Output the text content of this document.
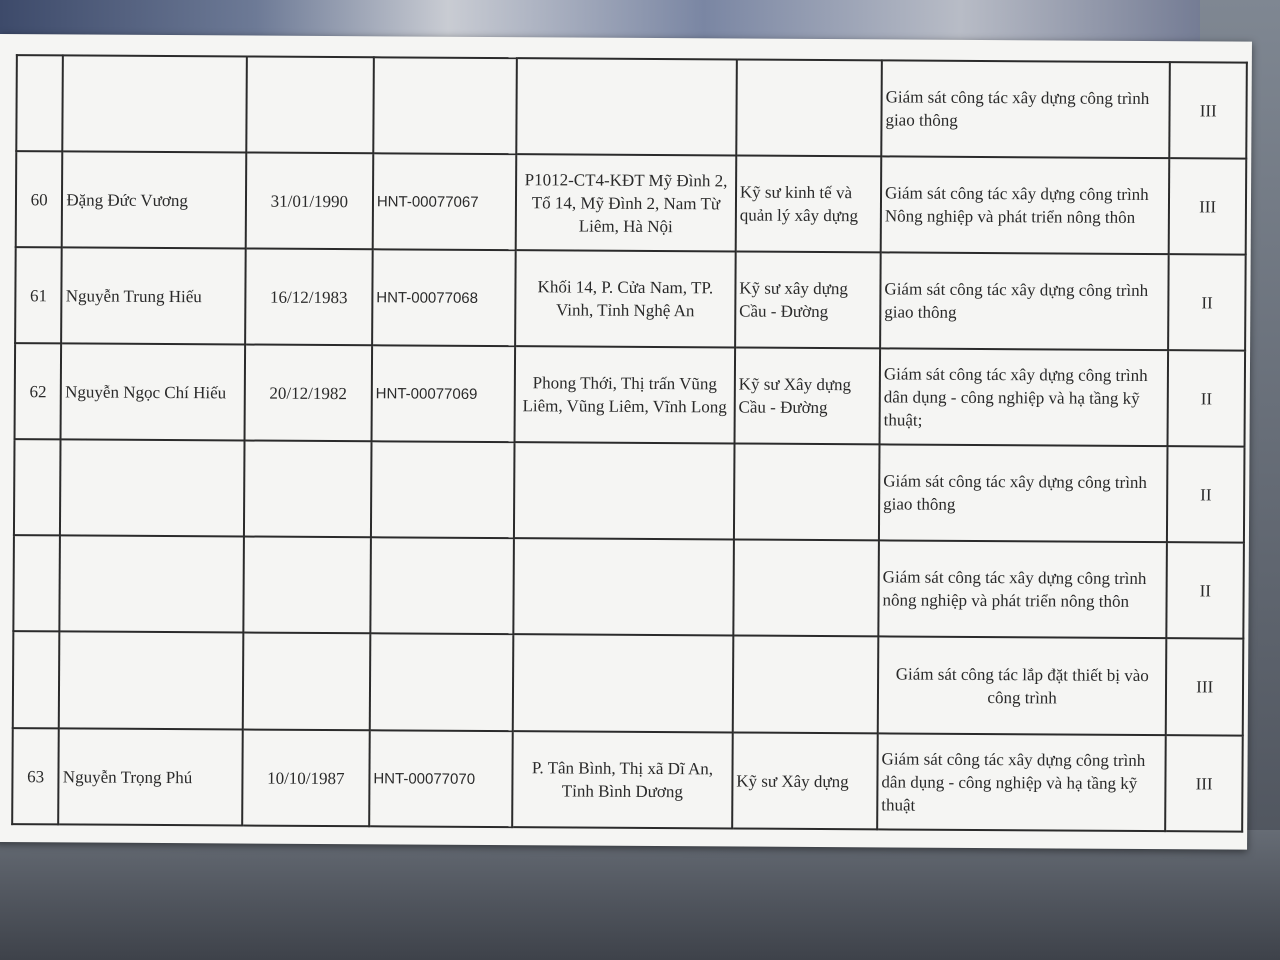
						Giám sát công tác xây dựng công trình giao thông	III
60	Đặng Đức Vương	31/01/1990	HNT-00077067	P1012-CT4-KĐT Mỹ Đình 2, Tổ 14, Mỹ Đình 2, Nam Từ Liêm, Hà Nội	Kỹ sư kinh tế và quản lý xây dựng	Giám sát công tác xây dựng công trình Nông nghiệp và phát triển nông thôn	III
61	Nguyễn Trung Hiếu	16/12/1983	HNT-00077068	Khối 14, P. Cửa Nam, TP. Vinh, Tỉnh Nghệ An	Kỹ sư xây dựng Cầu - Đường	Giám sát công tác xây dựng công trình giao thông	II
62	Nguyễn Ngọc Chí Hiếu	20/12/1982	HNT-00077069	Phong Thới, Thị trấn Vũng Liêm, Vũng Liêm, Vĩnh Long	Kỹ sư Xây dựng Cầu - Đường	Giám sát công tác xây dựng công trình dân dụng - công nghiệp và hạ tầng kỹ thuật;	II
						Giám sát công tác xây dựng công trình giao thông	II
						Giám sát công tác xây dựng công trình nông nghiệp và phát triển nông thôn	II
						Giám sát công tác lắp đặt thiết bị vào công trình	III
63	Nguyễn Trọng Phú	10/10/1987	HNT-00077070	P. Tân Bình, Thị xã Dĩ An, Tỉnh Bình Dương	Kỹ sư Xây dựng	Giám sát công tác xây dựng công trình dân dụng - công nghiệp và hạ tầng kỹ thuật	III
